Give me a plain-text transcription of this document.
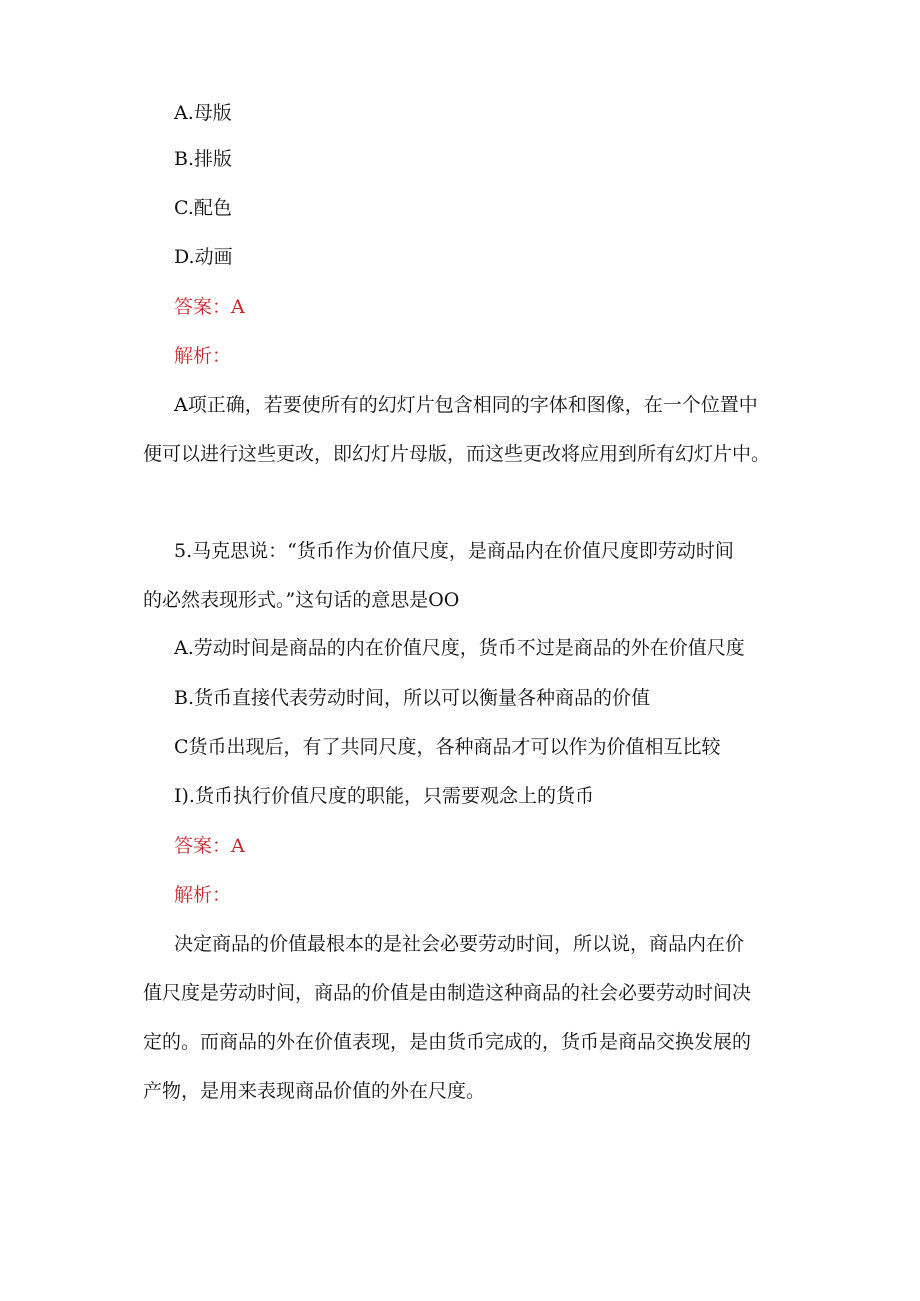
A.母版
B.排版
C.配色
D.动画
答案：A
解析：
A项正确，若要使所有的幻灯片包含相同的字体和图像，在一个位置中
便可以进行这些更改，即幻灯片母版，而这些更改将应用到所有幻灯片中。
5.马克思说：“货币作为价值尺度，是商品内在价值尺度即劳动时间
的必然表现形式。”这句话的意思是OO
A.劳动时间是商品的内在价值尺度，货币不过是商品的外在价值尺度
B.货币直接代表劳动时间，所以可以衡量各种商品的价值
C货币出现后，有了共同尺度，各种商品才可以作为价值相互比较
I).货币执行价值尺度的职能，只需要观念上的货币
答案：A
解析：
决定商品的价值最根本的是社会必要劳动时间，所以说，商品内在价
值尺度是劳动时间，商品的价值是由制造这种商品的社会必要劳动时间决
定的。而商品的外在价值表现，是由货币完成的，货币是商品交换发展的
产物，是用来表现商品价值的外在尺度。
